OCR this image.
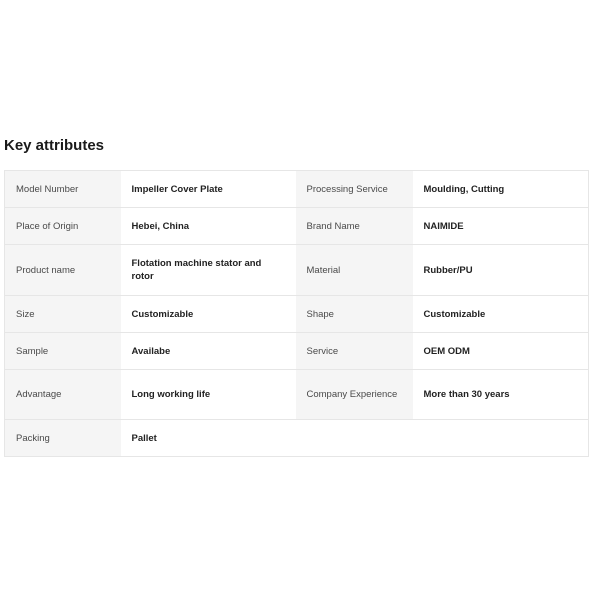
Key attributes
Model Number	Impeller Cover Plate	Processing Service	Moulding, Cutting
Place of Origin	Hebei, China	Brand Name	NAIMIDE
Product name	Flotation machine stator and rotor	Material	Rubber/PU
Size	Customizable	Shape	Customizable
Sample	Availabe	Service	OEM ODM
Advantage	Long working life	Company Experience	More than 30 years
Packing	Pallet		
